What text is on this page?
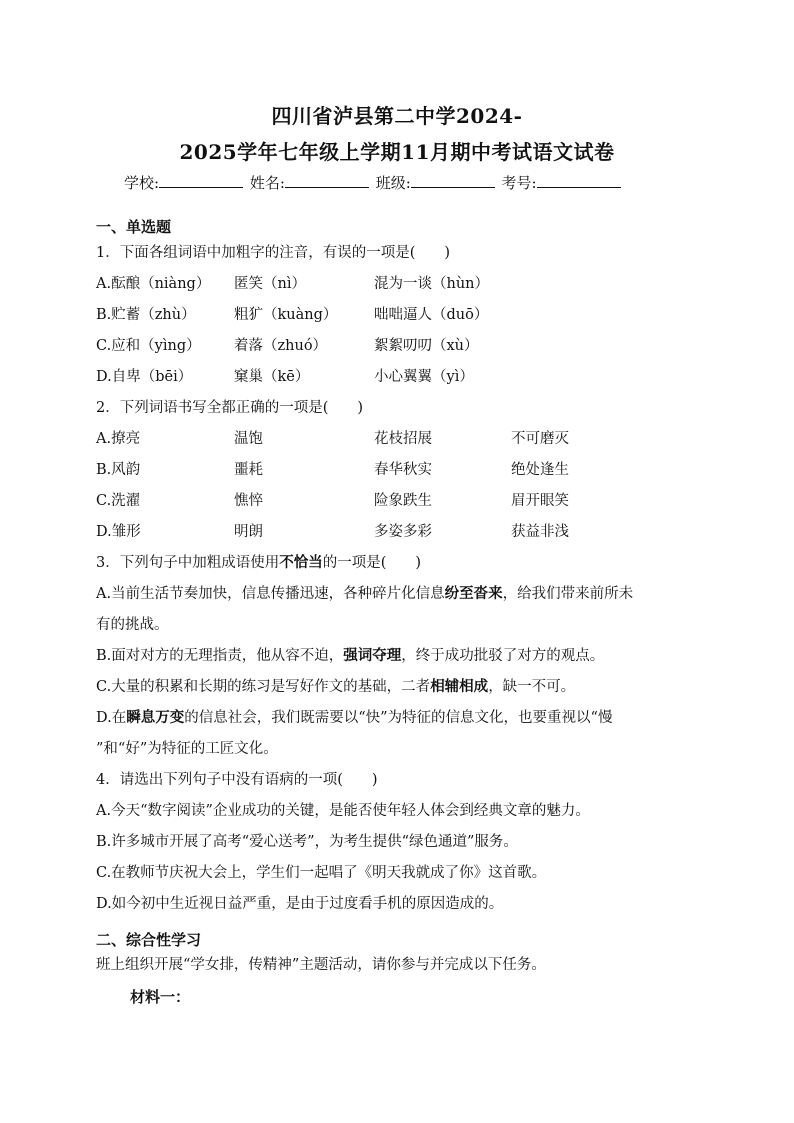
四川省泸县第二中学2024-
2025学年七年级上学期11月期中考试语文试卷
学校:	姓名:	班级:	考号:
一、单选题
1．下面各组词语中加粗字的注音，有误的一项是(　　)
A.酝酿（niàng） 匿笑（nì）	混为一谈（hùn）
B.贮蓄（zhù）	粗犷（kuàng）	咄咄逼人（duō）
C.应和（yìng） 着落（zhuó）	絮絮叨叨（xù）
D.自卑（bēi）	窠巢（kē）	小心翼翼（yì）
2．下列词语书写全都正确的一项是(　　)
A.撩亮	温饱	花枝招展	不可磨灭
B.风韵	噩耗	春华秋实	绝处逢生
C.洗濯	憔悴	险象跌生	眉开眼笑
D.雏形	明朗	多姿多彩	获益非浅
3．下列句子中加粗成语使用不恰当的一项是(　　)
A.当前生活节奏加快，信息传播迅速，各种碎片化信息纷至沓来，给我们带来前所未
有的挑战。
B.面对对方的无理指责，他从容不迫，强词夺理，终于成功批驳了对方的观点。
C.大量的积累和长期的练习是写好作文的基础，二者相辅相成，缺一不可。
D.在瞬息万变的信息社会，我们既需要以“快”为特征的信息文化，也要重视以“慢
”和“好”为特征的工匠文化。
4．请选出下列句子中没有语病的一项(　　)
A.今天“数字阅读”企业成功的关键，是能否使年轻人体会到经典文章的魅力。
B.许多城市开展了高考“爱心送考”，为考生提供“绿色通道”服务。
C.在教师节庆祝大会上，学生们一起唱了《明天我就成了你》这首歌。
D.如今初中生近视日益严重，是由于过度看手机的原因造成的。
二、综合性学习
班上组织开展“学女排，传精神”主题活动，请你参与并完成以下任务。
材料一：
